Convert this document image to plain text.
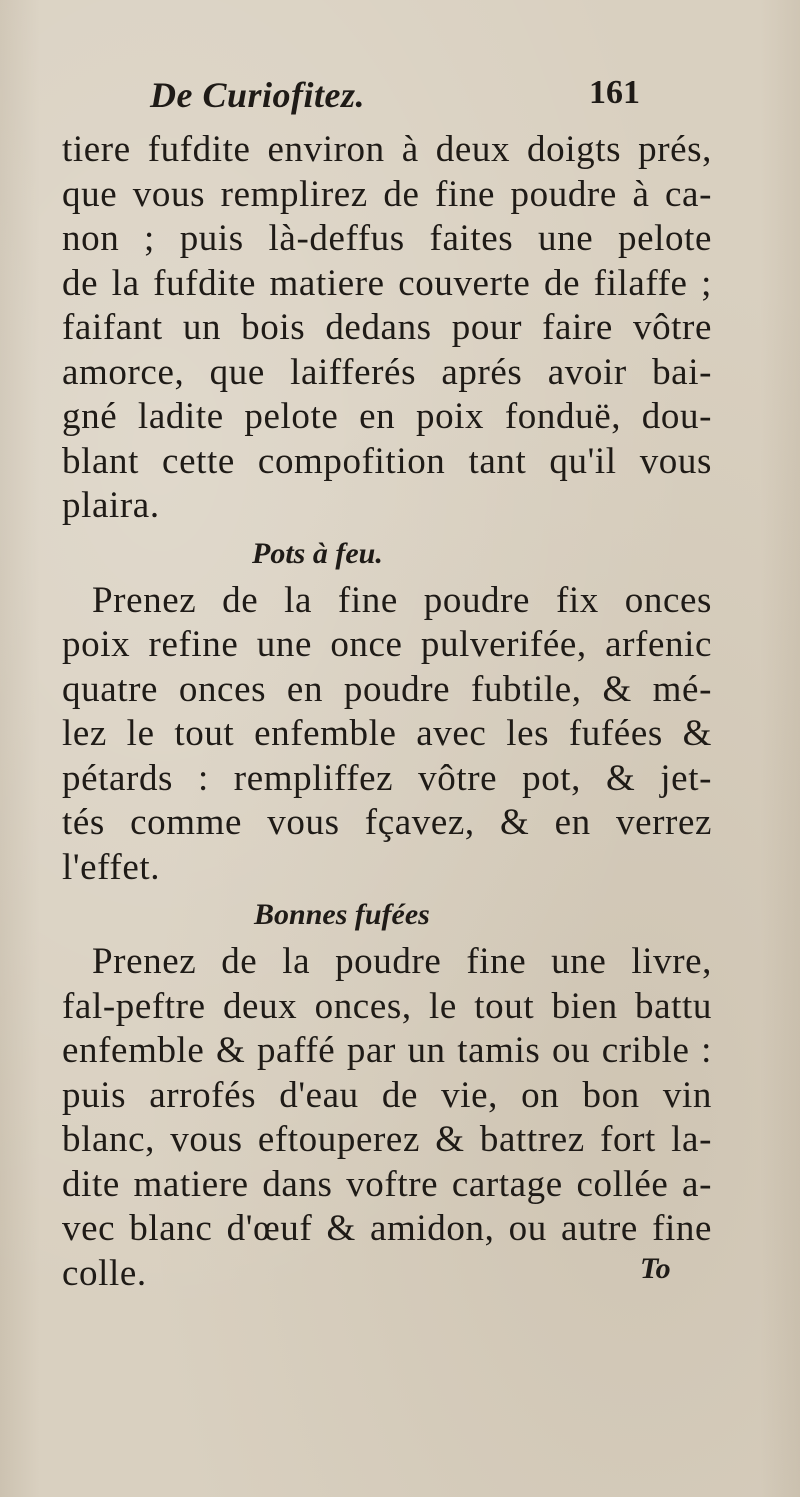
De Curiofitez.	161
tiere fufdite environ à deux doigts prés,
que vous remplirez de fine poudre à ca-
non ; puis là-deffus faites une pelote
de la fufdite matiere couverte de filaffe ;
faifant un bois dedans pour faire vôtre
amorce, que laifferés aprés avoir bai-
gné ladite pelote en poix fonduë, dou-
blant cette compofition tant qu'il vous
plaira.
Pots à feu.
Prenez de la fine poudre fix onces
poix refine une once pulverifée, arfenic
quatre onces en poudre fubtile, & mé-
lez le tout enfemble avec les fufées &
pétards : rempliffez vôtre pot, & jet-
tés comme vous fçavez, & en verrez
l'effet.
Bonnes fufées
Prenez de la poudre fine une livre,
fal-peftre deux onces, le tout bien battu
enfemble & paffé par un tamis ou crible :
puis arrofés d'eau de vie, on bon vin
blanc, vous eftouperez & battrez fort la-
dite matiere dans voftre cartage collée a-
vec blanc d'œuf & amidon, ou autre fine
colle.	To
